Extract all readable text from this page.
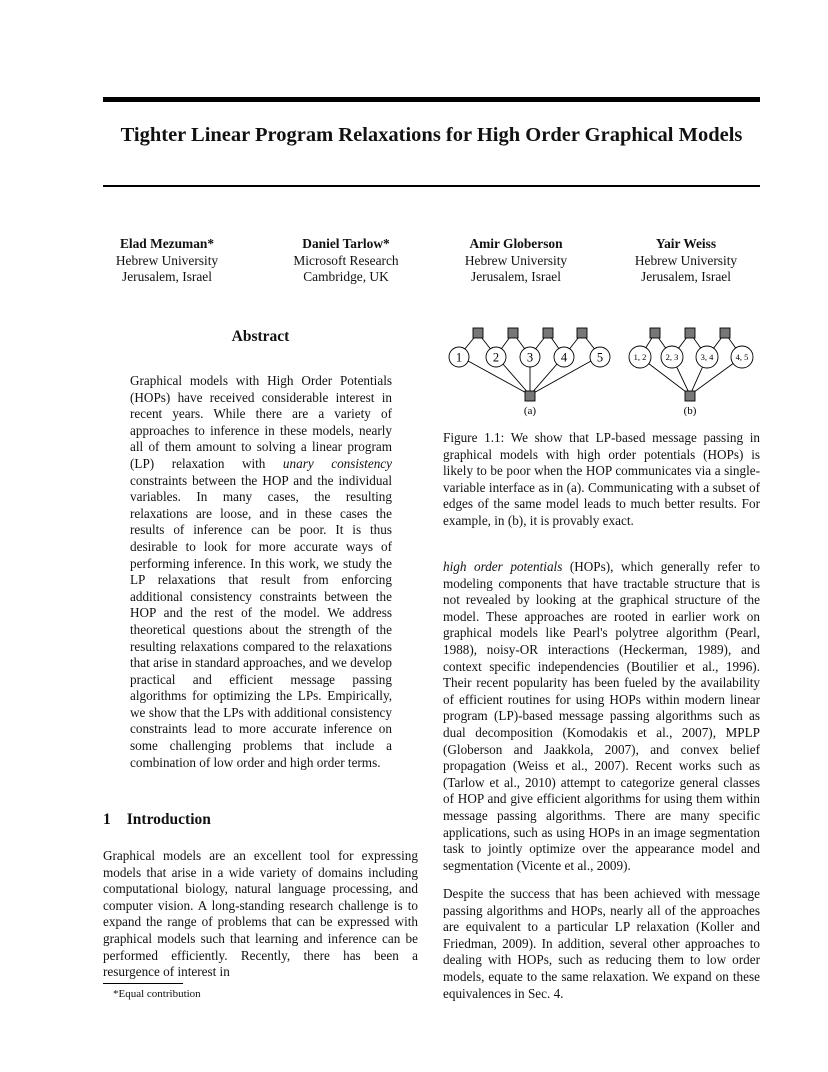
Tighter Linear Program Relaxations for High Order Graphical Models
Elad Mezuman*
Hebrew University
Jerusalem, Israel
Daniel Tarlow*
Microsoft Research
Cambridge, UK
Amir Globerson
Hebrew University
Jerusalem, Israel
Yair Weiss
Hebrew University
Jerusalem, Israel
Abstract
Graphical models with High Order Potentials (HOPs) have received considerable interest in recent years. While there are a variety of approaches to inference in these models, nearly all of them amount to solving a linear program (LP) relaxation with unary consistency constraints between the HOP and the individual variables. In many cases, the resulting relaxations are loose, and in these cases the results of inference can be poor. It is thus desirable to look for more accurate ways of performing inference. In this work, we study the LP relaxations that result from enforcing additional consistency constraints between the HOP and the rest of the model. We address theoretical questions about the strength of the resulting relaxations compared to the relaxations that arise in standard approaches, and we develop practical and efficient message passing algorithms for optimizing the LPs. Empirically, we show that the LPs with additional consistency constraints lead to more accurate inference on some challenging problems that include a combination of low order and high order terms.
1 Introduction
Graphical models are an excellent tool for expressing models that arise in a wide variety of domains including computational biology, natural language processing, and computer vision. A long-standing research challenge is to expand the range of problems that can be expressed with graphical models such that learning and inference can be performed efficiently. Recently, there has been a resurgence of interest in
*Equal contribution
1 2 3 4 5
(a)
1, 2 2, 3	3, 4	4, 5
(b)
Figure 1.1: We show that LP-based message passing in graphical models with high order potentials (HOPs) is likely to be poor when the HOP communicates via a single-variable interface as in (a). Communicating with a subset of edges of the same model leads to much better results. For example, in (b), it is provably exact.
high order potentials (HOPs), which generally refer to modeling components that have tractable structure that is not revealed by looking at the graphical structure of the model. These approaches are rooted in earlier work on graphical models like Pearl's polytree algorithm (Pearl, 1988), noisy-OR interactions (Heckerman, 1989), and context specific independencies (Boutilier et al., 1996). Their recent popularity has been fueled by the availability of efficient routines for using HOPs within modern linear program (LP)-based message passing algorithms such as dual decomposition (Komodakis et al., 2007), MPLP (Globerson and Jaakkola, 2007), and convex belief propagation (Weiss et al., 2007). Recent works such as (Tarlow et al., 2010) attempt to categorize general classes of HOP and give efficient algorithms for using them within message passing algorithms. There are many specific applications, such as using HOPs in an image segmentation task to jointly optimize over the appearance model and segmentation (Vicente et al., 2009).
Despite the success that has been achieved with message passing algorithms and HOPs, nearly all of the approaches are equivalent to a particular LP relaxation (Koller and Friedman, 2009). In addition, several other approaches to dealing with HOPs, such as reducing them to low order models, equate to the same relaxation. We expand on these equivalences in Sec. 4.
